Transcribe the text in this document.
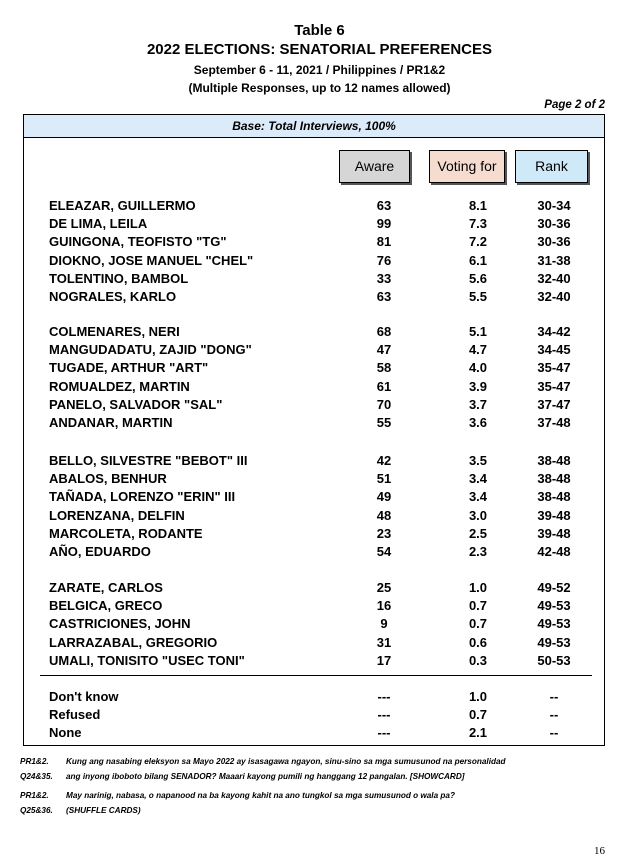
Table 6
2022 ELECTIONS: SENATORIAL PREFERENCES
September 6 - 11, 2021 / Philippines / PR1&2
(Multiple Responses, up to 12 names allowed)
Page 2 of 2
Base: Total Interviews, 100%
Aware	Voting for	Rank
ELEAZAR, GUILLERMO	63	8.1	30-34
DE LIMA, LEILA	99	7.3	30-36
GUINGONA, TEOFISTO "TG"	81	7.2	30-36
DIOKNO, JOSE MANUEL "CHEL"	76	6.1	31-38
TOLENTINO, BAMBOL	33	5.6	32-40
NOGRALES, KARLO	63	5.5	32-40
COLMENARES, NERI	68	5.1	34-42
MANGUDADATU, ZAJID "DONG"	47	4.7	34-45
TUGADE, ARTHUR "ART"	58	4.0	35-47
ROMUALDEZ, MARTIN	61	3.9	35-47
PANELO, SALVADOR "SAL"	70	3.7	37-47
ANDANAR, MARTIN	55	3.6	37-48
BELLO, SILVESTRE "BEBOT" III	42	3.5	38-48
ABALOS, BENHUR	51	3.4	38-48
TAÑADA, LORENZO "ERIN" III	49	3.4	38-48
LORENZANA, DELFIN	48	3.0	39-48
MARCOLETA, RODANTE	23	2.5	39-48
AÑO, EDUARDO	54	2.3	42-48
ZARATE, CARLOS	25	1.0	49-52
BELGICA, GRECO	16	0.7	49-53
CASTRICIONES, JOHN	9	0.7	49-53
LARRAZABAL, GREGORIO	31	0.6	49-53
UMALI, TONISITO "USEC TONI"	17	0.3	50-53
Don't know	---	1.0	--
Refused	---	0.7	--
None	---	2.1	--
PR1&2. Kung ang nasabing eleksyon sa Mayo 2022 ay isasagawa ngayon, sinu-sino sa mga sumusunod na personalidad
Q24&35. ang inyong iboboto bilang SENADOR? Maaari kayong pumili ng hanggang 12 pangalan. [SHOWCARD]
PR1&2. May narinig, nabasa, o napanood na ba kayong kahit na ano tungkol sa mga sumusunod o wala pa?
Q25&36. (SHUFFLE CARDS)
16
